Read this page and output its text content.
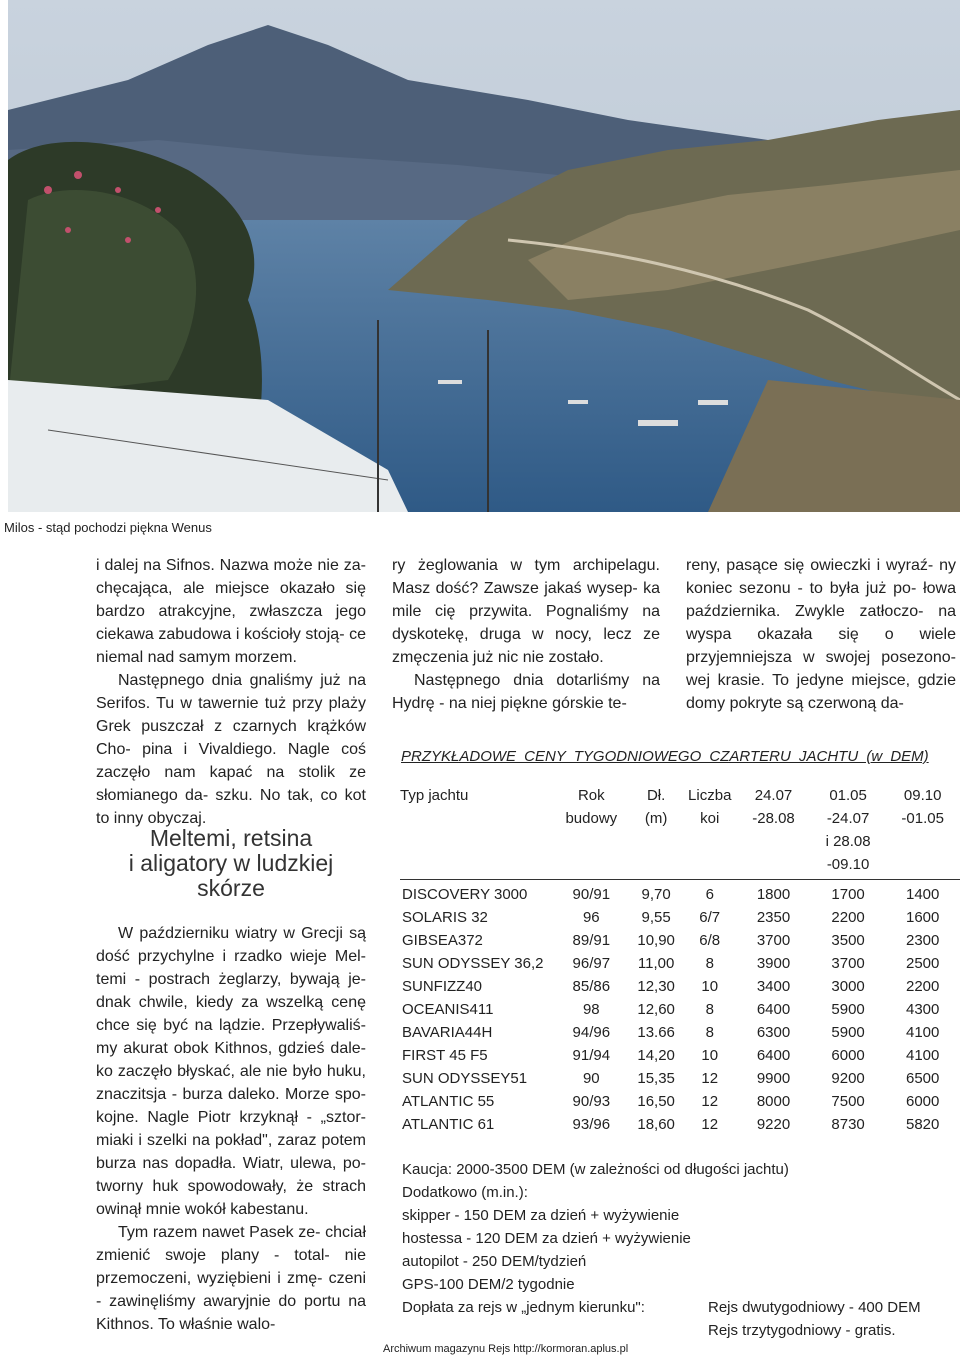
Milos - stąd pochodzi piękna Wenus

i dalej na Sifnos. Nazwa może nie za- chęcająca, ale miejsce okazało się bardzo atrakcyjne, zwłaszcza jego ciekawa zabudowa i kościoły stoją- ce niemal nad samym morzem.

Następnego dnia gnaliśmy już na Serifos. Tu w tawernie tuż przy plaży Grek puszczał z czarnych krążków Cho- pina i Vivaldiego. Nagle coś zaczęło nam kapać na stolik ze słomianego da- szku. No tak, co kot to inny obyczaj.

Meltemi, retsina
i aligatory w ludzkiej
skórze

W październiku wiatry w Grecji są dość przychylne i rzadko wieje Mel- temi - postrach żeglarzy, bywają je- dnak chwile, kiedy za wszelką cenę chce się być na lądzie. Przepływaliś- my akurat obok Kithnos, gdzieś dale- ko zaczęło błyskać, ale nie było huku, znaczitsja - burza daleko. Morze spo- kojne. Nagle Piotr krzyknął - „sztor- miaki i szelki na pokład", zaraz potem burza nas dopadła. Wiatr, ulewa, po- tworny huk spowodowały, że strach owinął mnie wokół kabestanu.

Tym razem nawet Pasek ze- chciał zmienić swoje plany - total- nie przemoczeni, wyziębieni i zmę- czeni - zawinęliśmy awaryjnie do portu na Kithnos. To właśnie walo-

ry żeglowania w tym archipelagu. Masz dość? Zawsze jakaś wysep- ka mile cię przywita. Pognaliśmy na dyskotekę, druga w nocy, lecz ze zmęczenia już nic nie zostało.

Następnego dnia dotarliśmy na Hydrę - na niej piękne górskie te-

reny, pasące się owieczki i wyraź- ny koniec sezonu - to była już po- łowa października. Zwykle zatłoczo- na wyspa okazała się o wiele przyjemniejsza w swojej posezono- wej krasie. To jedyne miejsce, gdzie domy pokryte są czerwoną da-

PRZYKŁADOWE CENY TYGODNIOWEGO CZARTERU JACHTU (w DEM)
Typ jachtu	Rok	Dł.	Liczba	24.07	01.05	09.10
	budowy	(m)	koi	-28.08	-24.07	-01.05
					i 28.08	
					-09.10	

DISCOVERY 3000	90/91	9,70	6	1800	1700	1400
SOLARIS 32	96	9,55	6/7	2350	2200	1600
GIBSEA372	89/91	10,90	6/8	3700	3500	2300
SUN ODYSSEY 36,2	96/97	11,00	8	3900	3700	2500
SUNFIZZ40	85/86	12,30	10	3400	3000	2200
OCEANIS411	98	12,60	8	6400	5900	4300
BAVARIA44H	94/96	13.66	8	6300	5900	4100
FIRST 45 F5	91/94	14,20	10	6400	6000	4100
SUN ODYSSEY51	90	15,35	12	9900	9200	6500
ATLANTIC 55	90/93	16,50	12	8000	7500	6000
ATLANTIC 61	93/96	18,60	12	9220	8730	5820
Kaucja: 2000-3500 DEM (w zależności od długości jachtu)
Dodatkowo (m.in.):
skipper - 150 DEM za dzień + wyżywienie
hostessa - 120 DEM za dzień + wyżywienie
autopilot - 250 DEM/tydzień
GPS-100 DEM/2 tygodnie
Dopłata za rejs w „jednym kierunku":	Rejs dwutygodniowy - 400 DEM
Rejs trzytygodniowy - gratis.
Archiwum magazynu Rejs http://kormoran.aplus.pl
